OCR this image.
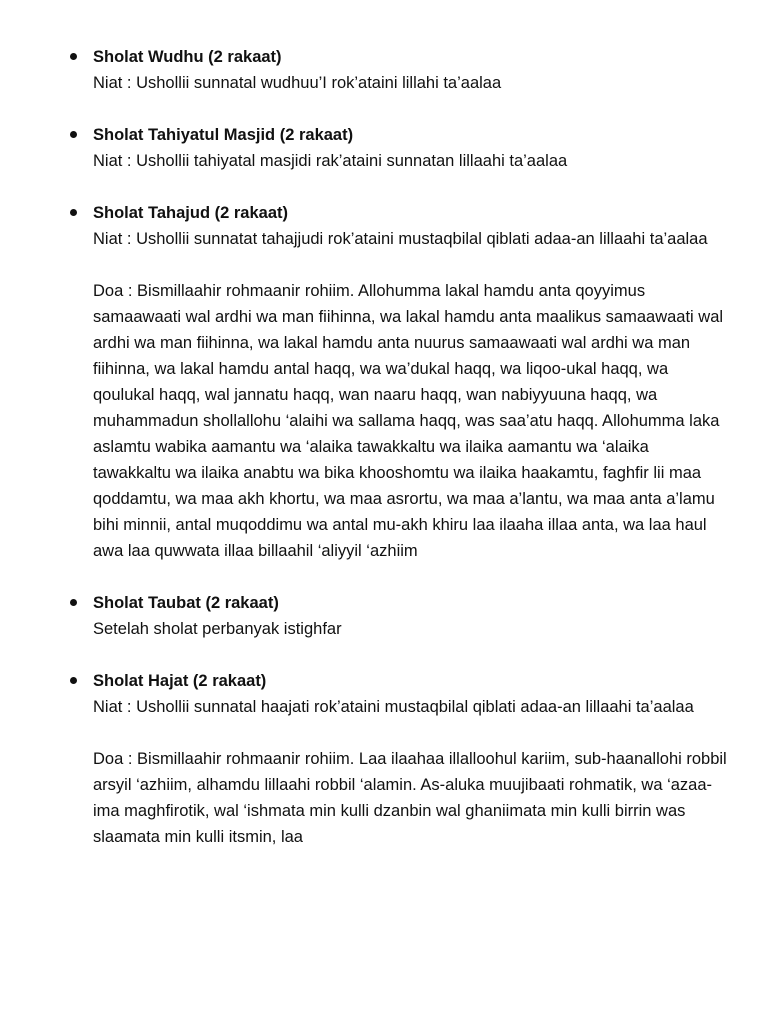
Sholat Wudhu (2 rakaat)

Niat : Ushollii sunnatal wudhuu’I rok’ataini lillahi ta’aalaa

Sholat Tahiyatul Masjid (2 rakaat)

Niat : Ushollii tahiyatal masjidi rak’ataini sunnatan lillaahi ta’aalaa

Sholat Tahajud (2 rakaat)

Niat : Ushollii sunnatat tahajjudi rok’ataini mustaqbilal qiblati adaa-an lillaahi ta’aalaa

Doa : Bismillaahir rohmaanir rohiim. Allohumma lakal hamdu anta qoyyimus samaawaati wal ardhi wa man fiihinna, wa lakal hamdu anta maalikus samaawaati wal ardhi wa man fiihinna, wa lakal hamdu anta nuurus samaawaati wal ardhi wa man fiihinna, wa lakal hamdu antal haqq, wa wa’dukal haqq, wa liqoo-ukal haqq, wa qoulukal haqq, wal jannatu haqq, wan naaru haqq, wan nabiyyuuna haqq, wa muhammadun shollallohu ‘alaihi wa sallama haqq, was saa’atu haqq. Allohumma laka aslamtu wabika aamantu wa ‘alaika tawakkaltu wa ilaika aamantu wa ‘alaika tawakkaltu wa ilaika anabtu wa bika khooshomtu wa ilaika haakamtu, faghfir lii maa qoddamtu, wa maa akh khortu, wa maa asrortu, wa maa a’lantu, wa maa anta a’lamu bihi minnii, antal muqoddimu wa antal mu-akh khiru laa ilaaha illaa anta, wa laa haul awa laa quwwata illaa billaahil ‘aliyyil ‘azhiim

Sholat Taubat (2 rakaat)

Setelah sholat perbanyak istighfar

Sholat Hajat (2 rakaat)

Niat : Ushollii sunnatal haajati rok’ataini mustaqbilal qiblati adaa-an lillaahi ta’aalaa

Doa : Bismillaahir rohmaanir rohiim. Laa ilaahaa illalloohul kariim, sub-haanallohi robbil arsyil ‘azhiim, alhamdu lillaahi robbil ‘alamin. As-aluka muujibaati rohmatik, wa ‘azaa-ima maghfirotik, wal ‘ishmata min kulli dzanbin wal ghaniimata min kulli birrin was slaamata min kulli itsmin, laa
